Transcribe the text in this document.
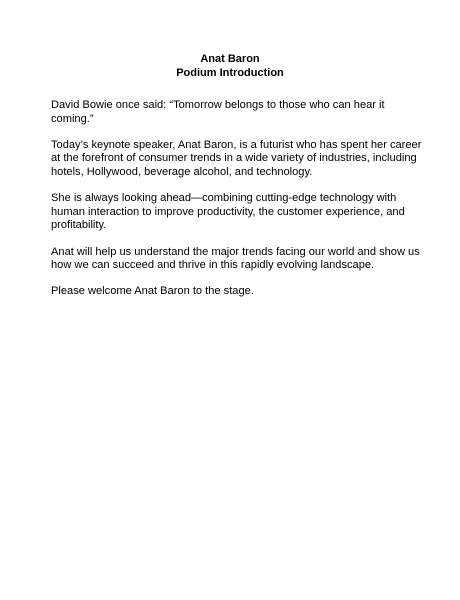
Anat Baron
Podium Introduction

David Bowie once said: “Tomorrow belongs to those who can hear it coming.”

Today’s keynote speaker, Anat Baron, is a futurist who has spent her career at the forefront of consumer trends in a wide variety of industries, including hotels, Hollywood, beverage alcohol, and technology.

She is always looking ahead—combining cutting-edge technology with human interaction to improve productivity, the customer experience, and profitability.

Anat will help us understand the major trends facing our world and show us how we can succeed and thrive in this rapidly evolving landscape.

Please welcome Anat Baron to the stage.
